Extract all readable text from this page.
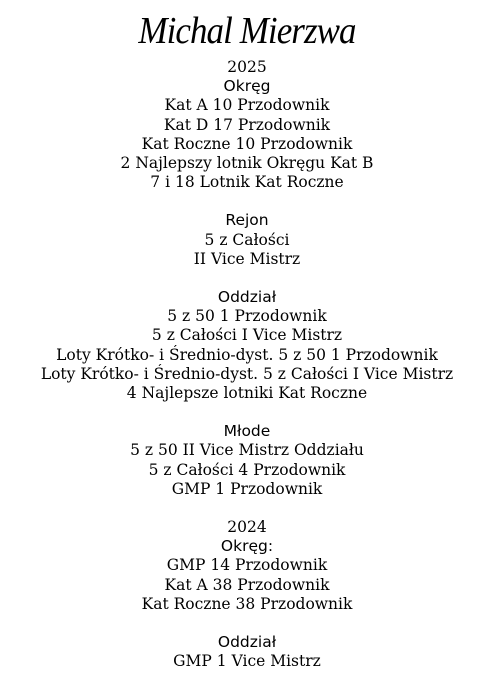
Michal Mierzwa
2025
Okręg
Kat A 10 Przodownik
Kat D 17 Przodownik
Kat Roczne 10 Przodownik
2 Najlepszy lotnik Okręgu Kat B
7 i 18 Lotnik Kat Roczne
Rejon
5 z Całości
II Vice Mistrz
Oddział
5 z 50 1 Przodownik
5 z Całości I Vice Mistrz
Loty Krótko- i Średnio-dyst. 5 z 50 1 Przodownik
Loty Krótko- i Średnio-dyst. 5 z Całości I Vice Mistrz
4 Najlepsze lotniki Kat Roczne
Młode
5 z 50 II Vice Mistrz Oddziału
5 z Całości 4 Przodownik
GMP 1 Przodownik
2024
Okręg:
GMP 14 Przodownik
Kat A 38 Przodownik
Kat Roczne 38 Przodownik
Oddział
GMP 1 Vice Mistrz
